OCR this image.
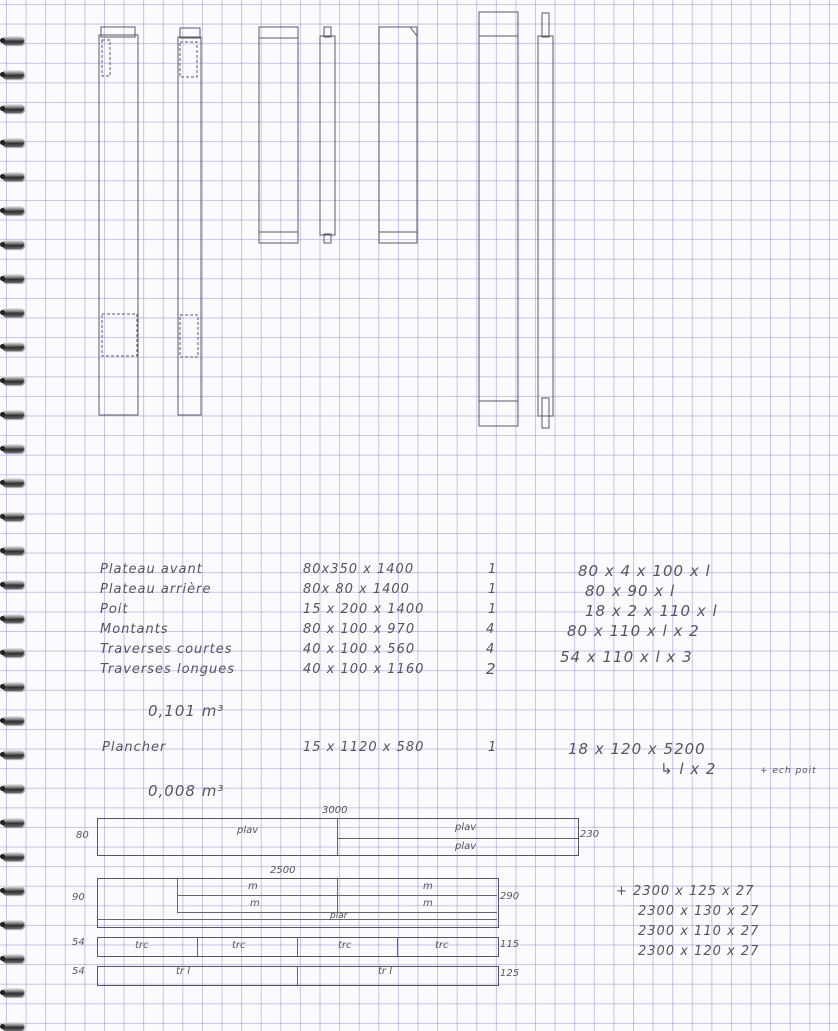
Plateau avant	80x350 x 1400	1	80 x 4 x 100 x l
Plateau arrière	80x 80 x 1400	1	80 x 90 x l
Poit	15 x 200 x 1400	1	18 x 2 x 110 x l
Montants	80 x 100 x 970	4	80 x 110 x l x 2
Traverses courtes	40 x 100 x 560	4	54 x 110 x l x 3
Traverses longues	40 x 100 x 1160	2
0,101 m³
Plancher	15 x 1120 x 580	1	18 x 120 x 5200
↳ l x 2	+ ech poit
0,008 m³
3000
80	plav	plav
plav
230
2500
90
m	m
m	m
plar
290
54	trc	trc	trc	trc	115
54	tr l	tr l	125
+ 2300 x 125 x 27
2300 x 130 x 27
2300 x 110 x 27
2300 x 120 x 27
